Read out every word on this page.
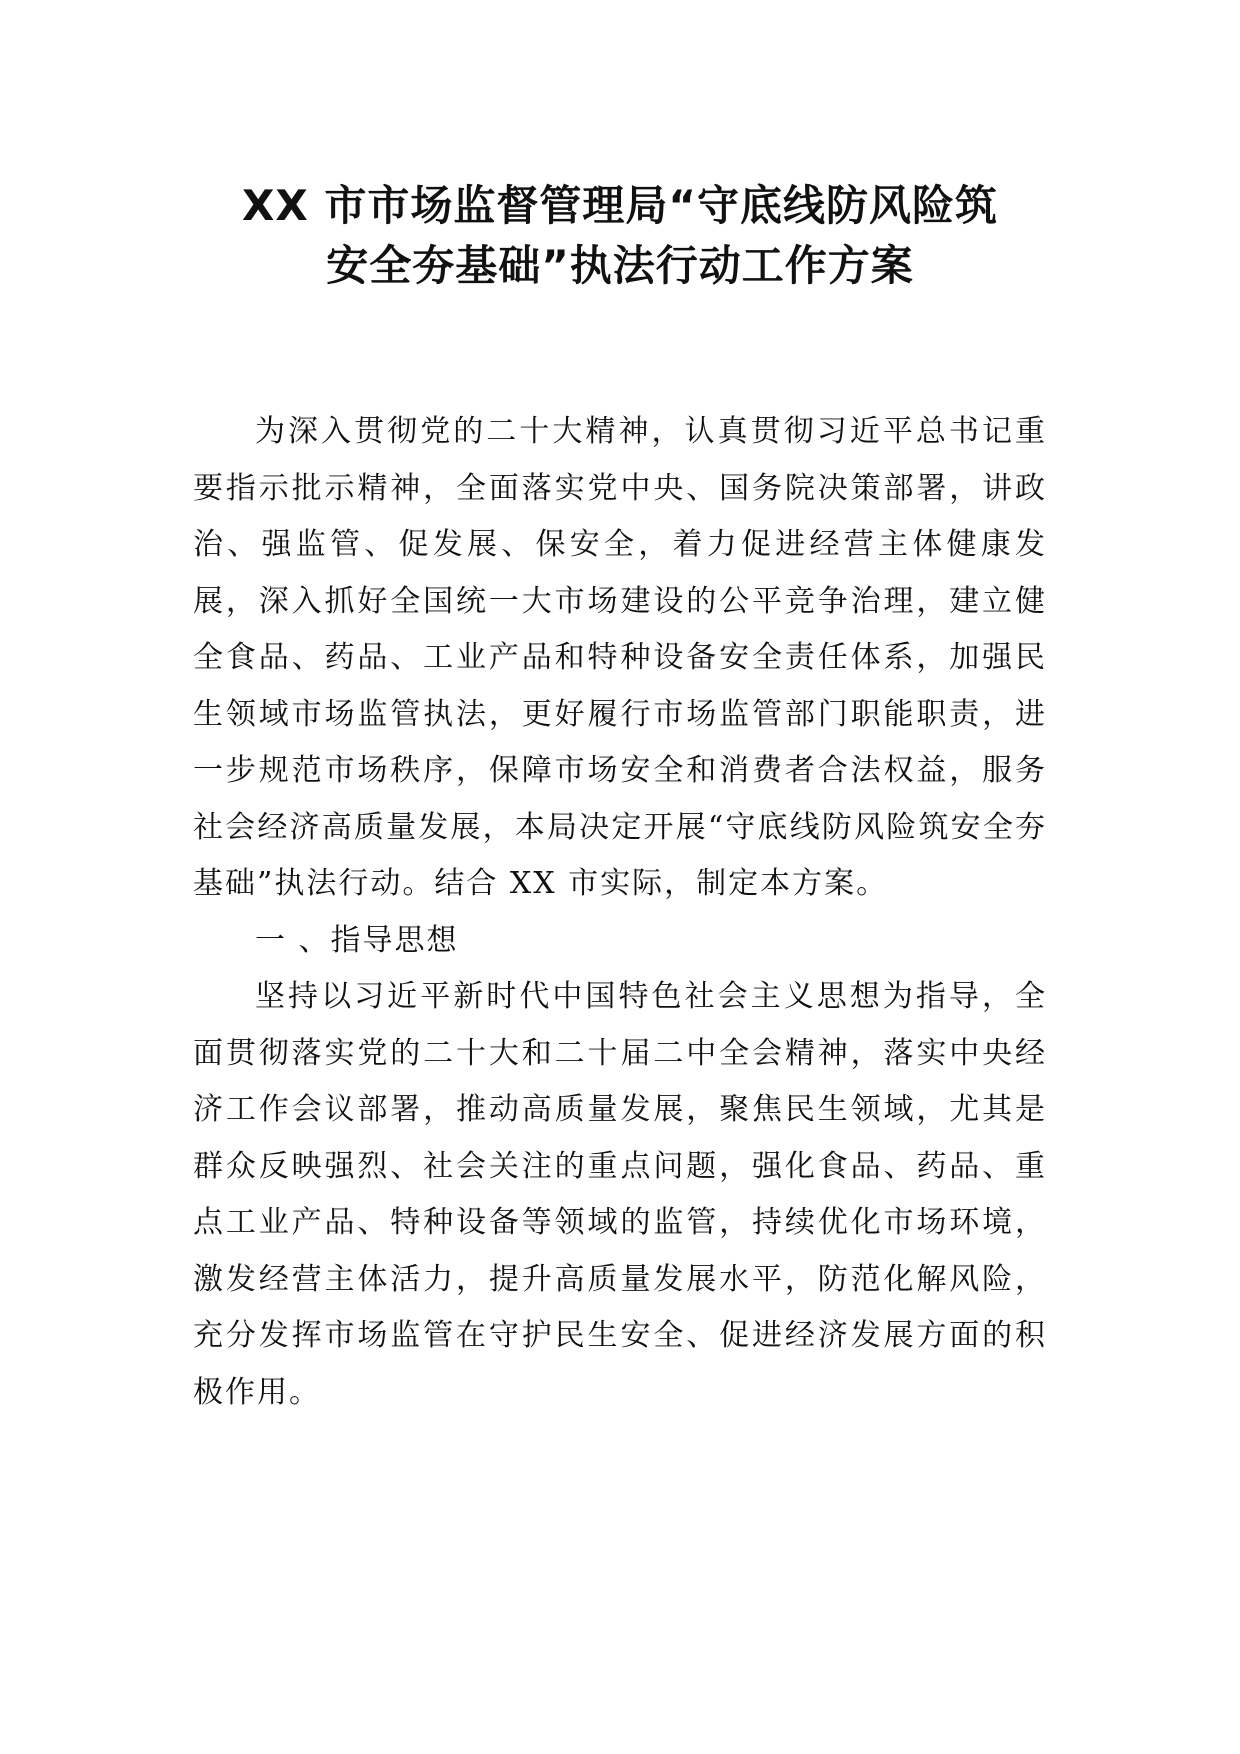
XX 市市场监督管理局“守底线防风险筑
安全夯基础”执法行动工作方案

为深入贯彻党的二十大精神，认真贯彻习近平总书记重要指示批示精神，全面落实党中央、国务院决策部署，讲政治、强监管、促发展、保安全，着力促进经营主体健康发展，深入抓好全国统一大市场建设的公平竞争治理，建立健全食品、药品、工业产品和特种设备安全责任体系，加强民生领域市场监管执法，更好履行市场监管部门职能职责，进一步规范市场秩序，保障市场安全和消费者合法权益，服务社会经济高质量发展，本局决定开展“守底线防风险筑安全夯基础”执法行动。结合 XX 市实际，制定本方案。

一 、指导思想

坚持以习近平新时代中国特色社会主义思想为指导，全面贯彻落实党的二十大和二十届二中全会精神，落实中央经济工作会议部署，推动高质量发展，聚焦民生领域，尤其是群众反映强烈、社会关注的重点问题，强化食品、药品、重点工业产品、特种设备等领域的监管，持续优化市场环境，激发经营主体活力，提升高质量发展水平，防范化解风险，充分发挥市场监管在守护民生安全、促进经济发展方面的积极作用。
